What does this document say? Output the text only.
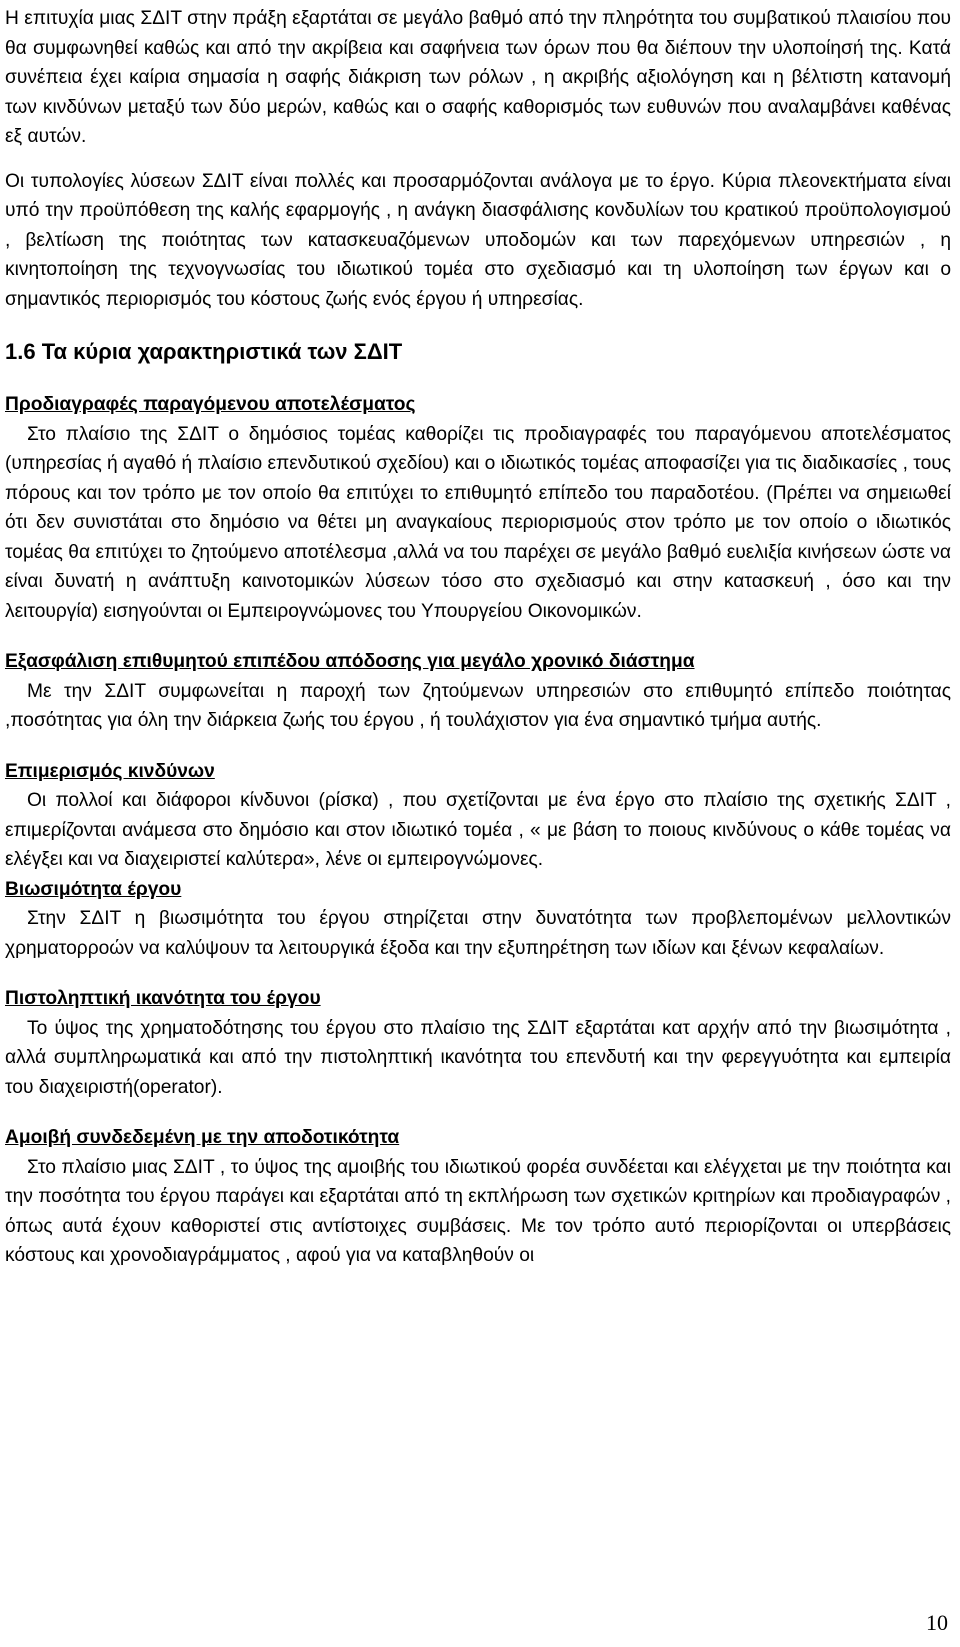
Η επιτυχία μιας ΣΔΙΤ στην πράξη εξαρτάται σε μεγάλο βαθμό από την πληρότητα του συμβατικού πλαισίου που θα συμφωνηθεί καθώς και από την ακρίβεια και σαφήνεια των όρων που θα διέπουν την υλοποίησή της. Κατά συνέπεια έχει καίρια σημασία η σαφής διάκριση των ρόλων , η ακριβής αξιολόγηση και η βέλτιστη κατανομή των κινδύνων μεταξύ των δύο μερών, καθώς και ο σαφής καθορισμός των ευθυνών που αναλαμβάνει καθένας εξ αυτών.

Οι τυπολογίες λύσεων ΣΔΙΤ είναι πολλές και προσαρμόζονται ανάλογα με το έργο. Κύρια πλεονεκτήματα είναι υπό την προϋπόθεση της καλής εφαρμογής , η ανάγκη διασφάλισης κονδυλίων του κρατικού προϋπολογισμού , βελτίωση της ποιότητας των κατασκευαζόμενων υποδομών και των παρεχόμενων υπηρεσιών , η κινητοποίηση της τεχνογνωσίας του ιδιωτικού τομέα στο σχεδιασμό και τη υλοποίηση των έργων και ο σημαντικός περιορισμός του κόστους ζωής ενός έργου ή υπηρεσίας.

1.6 Τα κύρια χαρακτηριστικά των ΣΔΙΤ
Προδιαγραφές παραγόμενου αποτελέσματος

Στο πλαίσιο της ΣΔΙΤ ο δημόσιος τομέας καθορίζει τις προδιαγραφές του παραγόμενου αποτελέσματος (υπηρεσίας ή αγαθό ή πλαίσιο επενδυτικού σχεδίου) και ο ιδιωτικός τομέας αποφασίζει για τις διαδικασίες , τους πόρους και τον τρόπο με τον οποίο θα επιτύχει το επιθυμητό επίπεδο του παραδοτέου. (Πρέπει να σημειωθεί ότι δεν συνιστάται στο δημόσιο να θέτει μη αναγκαίους περιορισμούς στον τρόπο με τον οποίο ο ιδιωτικός τομέας θα επιτύχει το ζητούμενο αποτέλεσμα ,αλλά να του παρέχει σε μεγάλο βαθμό ευελιξία κινήσεων ώστε να είναι δυνατή η ανάπτυξη καινοτομικών λύσεων τόσο στο σχεδιασμό και στην κατασκευή , όσο και την λειτουργία) εισηγούνται οι Εμπειρογνώμονες του Υπουργείου Οικονομικών.

Εξασφάλιση επιθυμητού επιπέδου απόδοσης για μεγάλο χρονικό διάστημα

Με την ΣΔΙΤ συμφωνείται η παροχή των ζητούμενων υπηρεσιών στο επιθυμητό επίπεδο ποιότητας ,ποσότητας για όλη την διάρκεια ζωής του έργου , ή τουλάχιστον για ένα σημαντικό τμήμα αυτής.

Επιμερισμός κινδύνων

Οι πολλοί και διάφοροι κίνδυνοι (ρίσκα) , που σχετίζονται με ένα έργο στο πλαίσιο της σχετικής ΣΔΙΤ , επιμερίζονται ανάμεσα στο δημόσιο και στον ιδιωτικό τομέα , « με βάση το ποιους κινδύνους ο κάθε τομέας να ελέγξει και να διαχειριστεί καλύτερα», λένε οι εμπειρογνώμονες.

Βιωσιμότητα έργου

Στην ΣΔΙΤ η βιωσιμότητα του έργου στηρίζεται στην δυνατότητα των προβλεπομένων μελλοντικών χρηματορροών να καλύψουν τα λειτουργικά έξοδα και την εξυπηρέτηση των ιδίων και ξένων κεφαλαίων.

Πιστοληπτική ικανότητα του έργου

Το ύψος της χρηματοδότησης του έργου στο πλαίσιο της ΣΔΙΤ εξαρτάται κατ αρχήν από την βιωσιμότητα , αλλά συμπληρωματικά και από την πιστοληπτική ικανότητα του επενδυτή και την φερεγγυότητα και εμπειρία του διαχειριστή(operator).

Αμοιβή συνδεδεμένη με την αποδοτικότητα

Στο πλαίσιο μιας ΣΔΙΤ , το ύψος της αμοιβής του ιδιωτικού φορέα συνδέεται και ελέγχεται με την ποιότητα και την ποσότητα του έργου παράγει και εξαρτάται από τη εκπλήρωση των σχετικών κριτηρίων και προδιαγραφών , όπως αυτά έχουν καθοριστεί στις αντίστοιχες συμβάσεις. Με τον τρόπο αυτό περιορίζονται οι υπερβάσεις κόστους και χρονοδιαγράμματος , αφού για να καταβληθούν οι

10
